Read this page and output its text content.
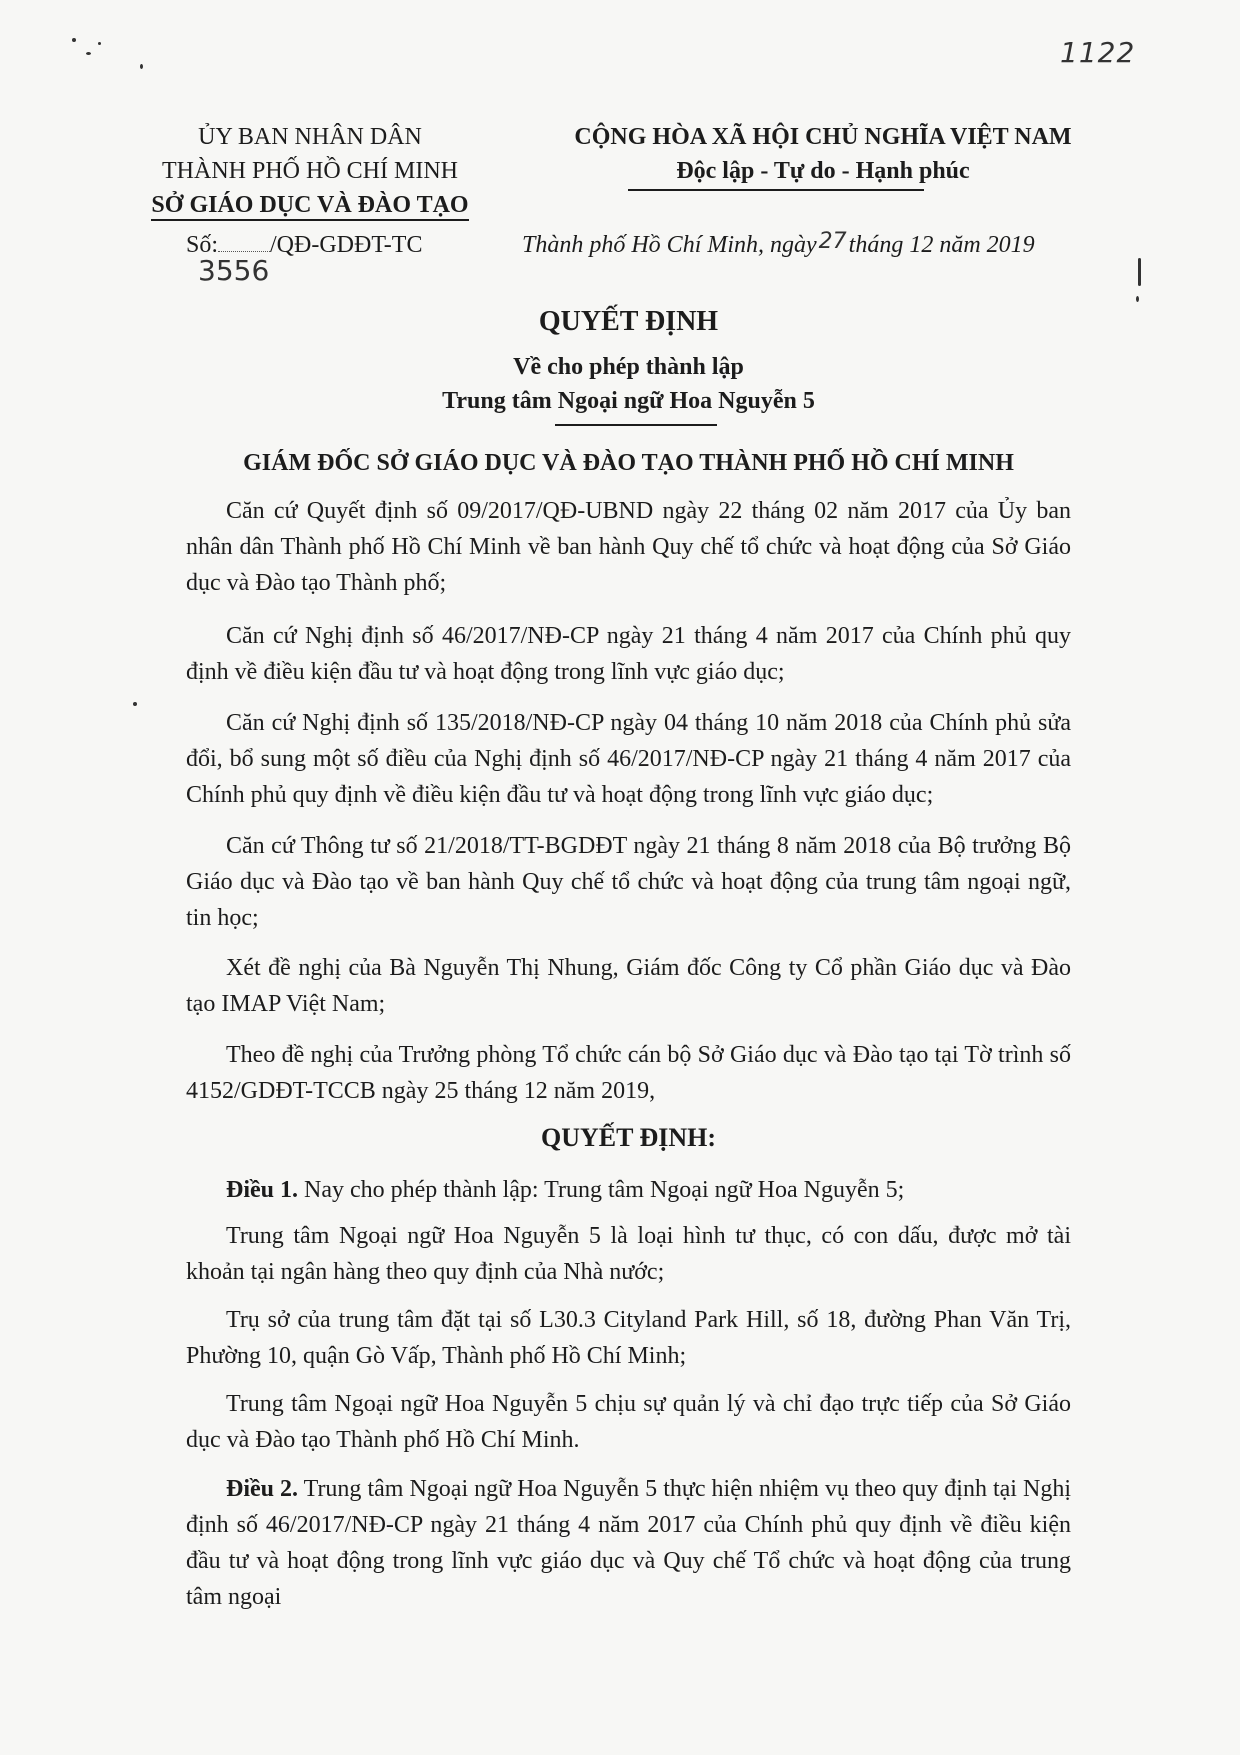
1122
ỦY BAN NHÂN DÂN
THÀNH PHỐ HỒ CHÍ MINH
SỞ GIÁO DỤC VÀ ĐÀO TẠO
Số: /QĐ-GDĐT-TC
3556
CỘNG HÒA XÃ HỘI CHỦ NGHĨA VIỆT NAM
Độc lập - Tự do - Hạnh phúc
Thành phố Hồ Chí Minh, ngày27tháng 12 năm 2019
QUYẾT ĐỊNH
Về cho phép thành lập
Trung tâm Ngoại ngữ Hoa Nguyễn 5
GIÁM ĐỐC SỞ GIÁO DỤC VÀ ĐÀO TẠO THÀNH PHỐ HỒ CHÍ MINH

Căn cứ Quyết định số 09/2017/QĐ-UBND ngày 22 tháng 02 năm 2017 của Ủy ban nhân dân Thành phố Hồ Chí Minh về ban hành Quy chế tổ chức và hoạt động của Sở Giáo dục và Đào tạo Thành phố;

Căn cứ Nghị định số 46/2017/NĐ-CP ngày 21 tháng 4 năm 2017 của Chính phủ quy định về điều kiện đầu tư và hoạt động trong lĩnh vực giáo dục;

Căn cứ Nghị định số 135/2018/NĐ-CP ngày 04 tháng 10 năm 2018 của Chính phủ sửa đổi, bổ sung một số điều của Nghị định số 46/2017/NĐ-CP ngày 21 tháng 4 năm 2017 của Chính phủ quy định về điều kiện đầu tư và hoạt động trong lĩnh vực giáo dục;

Căn cứ Thông tư số 21/2018/TT-BGDĐT ngày 21 tháng 8 năm 2018 của Bộ trưởng Bộ Giáo dục và Đào tạo về ban hành Quy chế tổ chức và hoạt động của trung tâm ngoại ngữ, tin học;

Xét đề nghị của Bà Nguyễn Thị Nhung, Giám đốc Công ty Cổ phần Giáo dục và Đào tạo IMAP Việt Nam;

Theo đề nghị của Trưởng phòng Tổ chức cán bộ Sở Giáo dục và Đào tạo tại Tờ trình số 4152/GDĐT-TCCB ngày 25 tháng 12 năm 2019,

QUYẾT ĐỊNH:

Điều 1. Nay cho phép thành lập: Trung tâm Ngoại ngữ Hoa Nguyễn 5;

Trung tâm Ngoại ngữ Hoa Nguyễn 5 là loại hình tư thục, có con dấu, được mở tài khoản tại ngân hàng theo quy định của Nhà nước;

Trụ sở của trung tâm đặt tại số L30.3 Cityland Park Hill, số 18, đường Phan Văn Trị, Phường 10, quận Gò Vấp, Thành phố Hồ Chí Minh;

Trung tâm Ngoại ngữ Hoa Nguyễn 5 chịu sự quản lý và chỉ đạo trực tiếp của Sở Giáo dục và Đào tạo Thành phố Hồ Chí Minh.

Điều 2. Trung tâm Ngoại ngữ Hoa Nguyễn 5 thực hiện nhiệm vụ theo quy định tại Nghị định số 46/2017/NĐ-CP ngày 21 tháng 4 năm 2017 của Chính phủ quy định về điều kiện đầu tư và hoạt động trong lĩnh vực giáo dục và Quy chế Tổ chức và hoạt động của trung tâm ngoại
